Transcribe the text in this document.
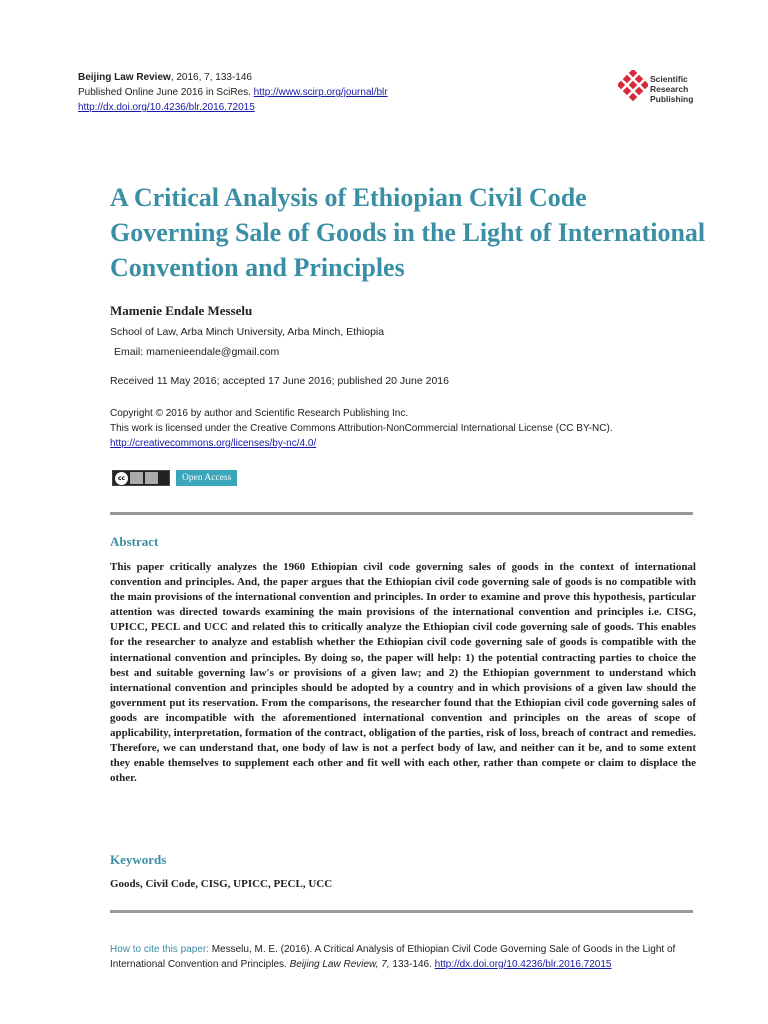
Beijing Law Review, 2016, 7, 133-146
Published Online June 2016 in SciRes. http://www.scirp.org/journal/blr
http://dx.doi.org/10.4236/blr.2016.72015
Scientific
Research
Publishing
A Critical Analysis of Ethiopian Civil Code Governing Sale of Goods in the Light of International Convention and Principles
Mamenie Endale Messelu
School of Law, Arba Minch University, Arba Minch, Ethiopia
Email: mamenieendale@gmail.com
Received 11 May 2016; accepted 17 June 2016; published 20 June 2016
Copyright © 2016 by author and Scientific Research Publishing Inc.
This work is licensed under the Creative Commons Attribution-NonCommercial International License (CC BY-NC).
http://creativecommons.org/licenses/by-nc/4.0/
cc	Open Access
Abstract

This paper critically analyzes the 1960 Ethiopian civil code governing sales of goods in the context of international convention and principles. And, the paper argues that the Ethiopian civil code governing sale of goods is no compatible with the main provisions of the international convention and principles. In order to examine and prove this hypothesis, particular attention was directed towards examining the main provisions of the international convention and principles i.e. CISG, UPICC, PECL and UCC and related this to critically analyze the Ethiopian civil code governing sale of goods. This enables for the researcher to analyze and establish whether the Ethiopian civil code governing sale of goods is compatible with the international convention and principles. By doing so, the paper will help: 1) the potential contracting parties to choice the best and suitable governing law's or provisions of a given law; and 2) the Ethiopian government to understand which international convention and principles should be adopted by a country and in which provisions of a given law should the government put its reservation. From the comparisons, the researcher found that the Ethiopian civil code governing sales of goods are incompatible with the aforementioned international convention and principles on the areas of scope of applicability, interpretation, formation of the contract, obligation of the parties, risk of loss, breach of contract and remedies. Therefore, we can understand that, one body of law is not a perfect body of law, and neither can it be, and to some extent they enable themselves to supplement each other and fit well with each other, rather than compete or claim to displace the other.

Keywords

Goods, Civil Code, CISG, UPICC, PECL, UCC

How to cite this paper: Messelu, M. E. (2016). A Critical Analysis of Ethiopian Civil Code Governing Sale of Goods in the Light of International Convention and Principles. Beijing Law Review, 7, 133-146. http://dx.doi.org/10.4236/blr.2016.72015
